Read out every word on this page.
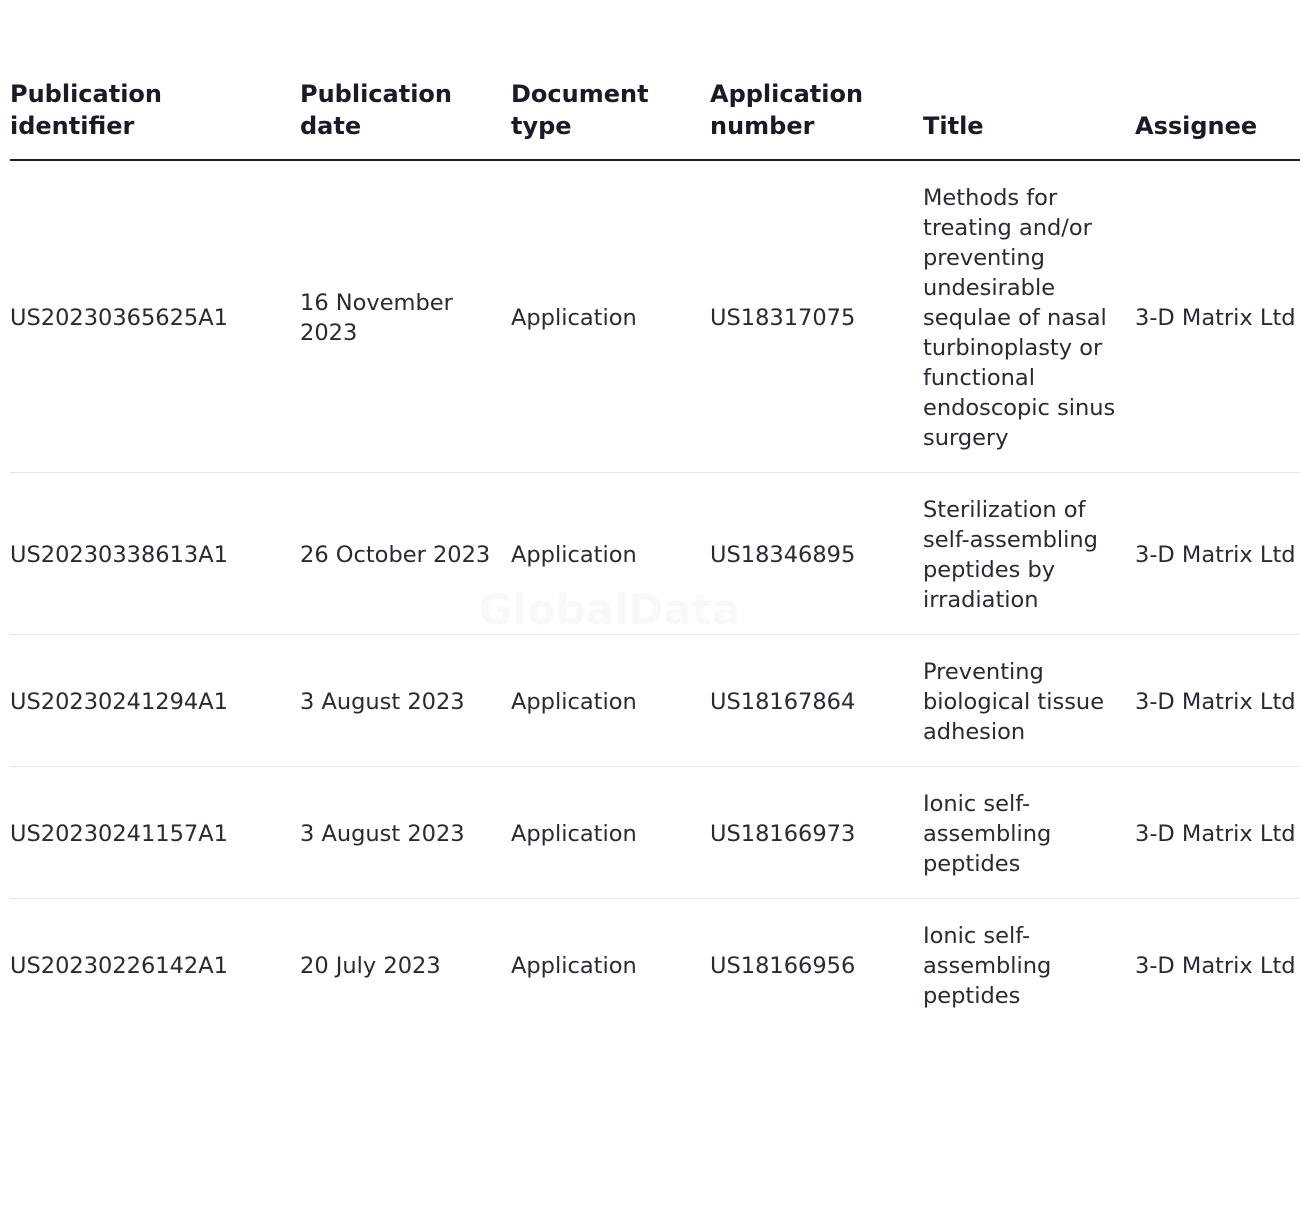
Publication identifier	Publication date	Document type	Application number	Title	Assignee
US20230365625A1	16 November 2023	Application	US18317075	Methods for treating and/or preventing undesirable sequlae of nasal turbinoplasty or functional endoscopic sinus surgery	3-D Matrix Ltd
US20230338613A1	26 October 2023	Application	US18346895	Sterilization of self-assembling peptides by irradiation	3-D Matrix Ltd
US20230241294A1	3 August 2023	Application	US18167864	Preventing biological tissue adhesion	3-D Matrix Ltd
US20230241157A1	3 August 2023	Application	US18166973	Ionic self-assembling peptides	3-D Matrix Ltd
US20230226142A1	20 July 2023	Application	US18166956	Ionic self-assembling peptides	3-D Matrix Ltd
